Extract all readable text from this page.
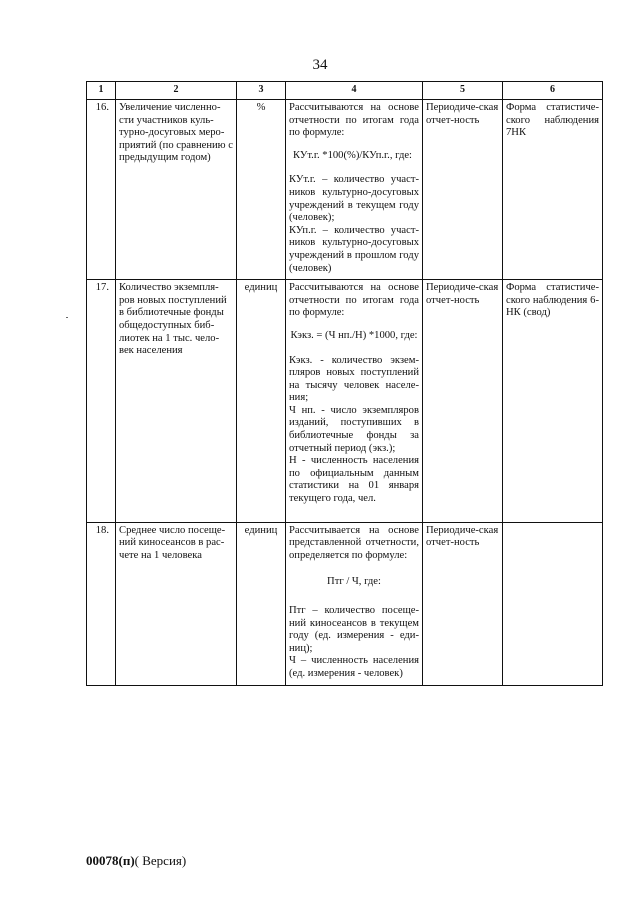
34
1	2	3	4	5	6
16.	Увеличение численно-сти участников куль-турно-досуговых меро-приятий (по сравнению с предыдущим годом)	%	Рассчитываются на основе отчетности по итогам года по формуле:

КУт.г. *100(%)/КУп.г., где:

КУт.г. – количество участ-ников культурно-досуговых учреждений в текущем году (человек);

КУп.г. – количество участ-ников культурно-досуговых учреждений в прошлом году (человек)	Периодиче-ская отчет-ность	Форма статистиче-ского наблюдения 7НК
17.	Количество экземпля-ров новых поступлений в библиотечные фонды общедоступных биб-лиотек на 1 тыс. чело-век населения	единиц	Рассчитываются на основе отчетности по итогам года по формуле:

Кэкз. = (Ч нп./Н) *1000, где:

Кэкз. - количество экзем-пляров новых поступлений на тысячу человек населе-ния;

Ч нп. - число экземпляров изданий, поступивших в библиотечные фонды за отчетный период (экз.);

Н - численность населения по официальным данным статистики на 01 января текущего года, чел.	Периодиче-ская отчет-ность	Форма статистиче-ского наблюдения 6-НК (свод)
18.	Среднее число посеще-ний киносеансов в рас-чете на 1 человека	единиц	Рассчитывается на основе представленной отчетности, определяется по формуле:

Птг / Ч, где:

Птг – количество посеще-ний киносеансов в текущем году (ед. измерения - еди-ниц);

Ч – численность населения (ед. измерения - человек)	Периодиче-ская отчет-ность	
00078(п)( Версия)
